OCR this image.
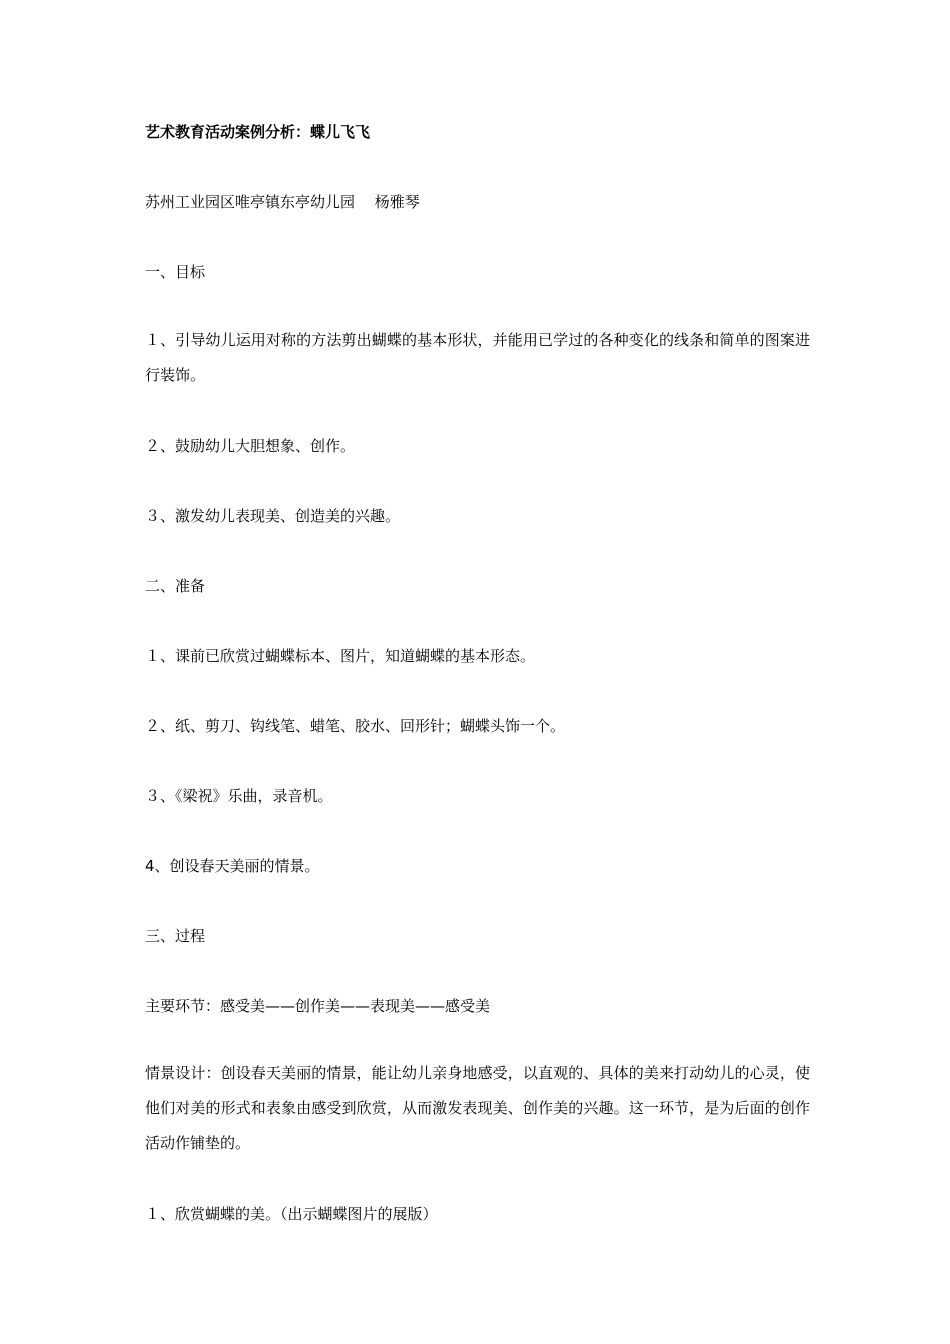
艺术教育活动案例分析：蝶儿飞飞
苏州工业园区唯亭镇东亭幼儿园　 杨雅琴
一、目标
１、引导幼儿运用对称的方法剪出蝴蝶的基本形状，并能用已学过的各种变化的线条和简单的图案进行装饰。
２、鼓励幼儿大胆想象、创作。
３、激发幼儿表现美、创造美的兴趣。
二、准备
１、课前已欣赏过蝴蝶标本、图片，知道蝴蝶的基本形态。
２、纸、剪刀、钩线笔、蜡笔、胶水、回形针；蝴蝶头饰一个。
３、《梁祝》乐曲，录音机。
4、创设春天美丽的情景。
三、过程
主要环节：感受美——创作美——表现美——感受美
情景设计：创设春天美丽的情景，能让幼儿亲身地感受，以直观的、具体的美来打动幼儿的心灵，使他们对美的形式和表象由感受到欣赏，从而激发表现美、创作美的兴趣。这一环节，是为后面的创作活动作铺垫的。
１、欣赏蝴蝶的美。（出示蝴蝶图片的展版）
